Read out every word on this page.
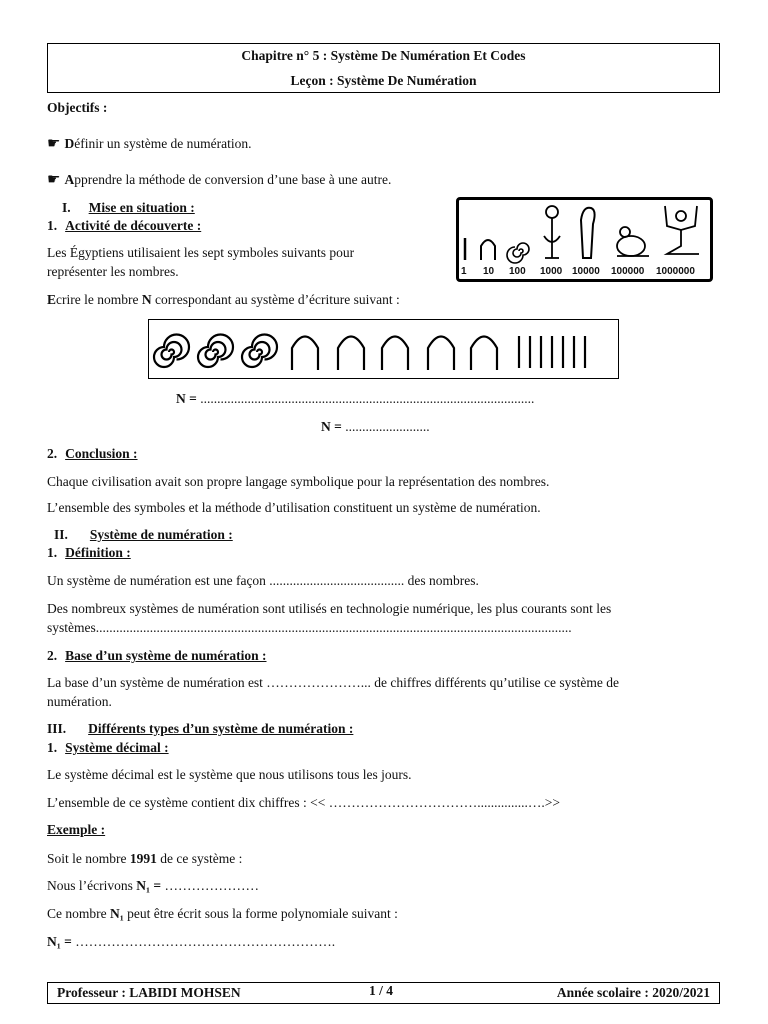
Chapitre n° 5 : Système De Numération Et Codes
Leçon : Système De Numération
Objectifs :
☛ Définir un système de numération.
☛ Apprendre la méthode de conversion d’une base à une autre.
I. Mise en situation :
1. Activité de découverte :
Les Égyptiens utilisaient les sept symboles suivants pour
représenter les nombres.	1 10 100 1000 10000 100000 1000000
Ecrire le nombre N correspondant au système d’écriture suivant :
N = ...................................................................................................
N = .........................
2. Conclusion :
Chaque civilisation avait son propre langage symbolique pour la représentation des nombres.
L’ensemble des symboles et la méthode d’utilisation constituent un système de numération.
II. Système de numération :
1. Définition :
Un système de numération est une façon ........................................ des nombres.
Des nombreux systèmes de numération sont utilisés en technologie numérique, les plus courants sont les
systèmes.............................................................................................................................................
2. Base d’un système de numération :
La base d’un système de numération est …………………... de chiffres différents qu’utilise ce système de
numération.
III. Différents types d’un système de numération :
1. Système décimal :
Le système décimal est le système que nous utilisons tous les jours.
L’ensemble de ce système contient dix chiffres : << ……………………………...............….>>
Exemple :
Soit le nombre 1991 de ce système :
Nous l’écrivons N₁ = …………………
Ce nombre N₁ peut être écrit sous la forme polynomiale suivant :
N₁ = ………………………………………………….
Professeur : LABIDI MOHSEN	1 / 4	Année scolaire : 2020/2021
